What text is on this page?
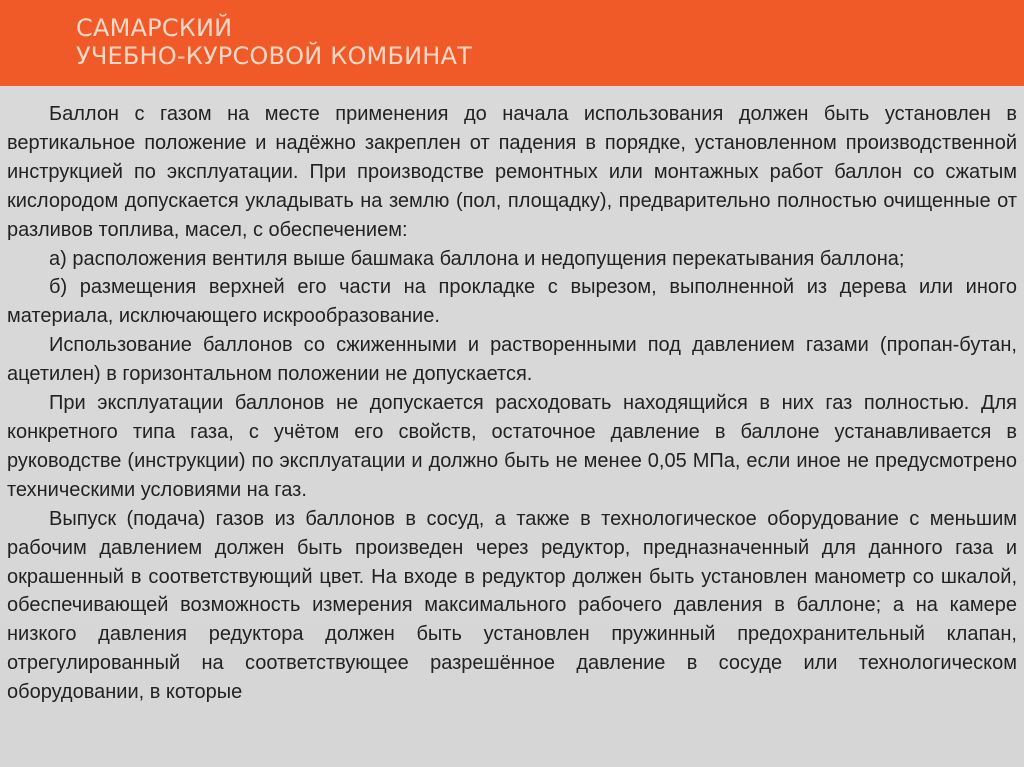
САМАРСКИЙ
УЧЕБНО-КУРСОВОЙ КОМБИНАТ

Баллон с газом на месте применения до начала использования должен быть установлен в вертикальное положение и надёжно закреплен от падения в порядке, установленном производственной инструкцией по эксплуатации. При производстве ремонтных или монтажных работ баллон со сжатым кислородом допускается укладывать на землю (пол, площадку), предварительно полностью очищенные от разливов топлива, масел, с обеспечением:

а) расположения вентиля выше башмака баллона и недопущения перекатывания баллона;

б) размещения верхней его части на прокладке с вырезом, выполненной из дерева или иного материала, исключающего искрообразование.

Использование баллонов со сжиженными и растворенными под давлением газами (пропан-бутан, ацетилен) в горизонтальном положении не допускается.

При эксплуатации баллонов не допускается расходовать находящийся в них газ полностью. Для конкретного типа газа, с учётом его свойств, остаточное давление в баллоне устанавливается в руководстве (инструкции) по эксплуатации и должно быть не менее 0,05 МПа, если иное не предусмотрено техническими условиями на газ.

Выпуск (подача) газов из баллонов в сосуд, а также в технологическое оборудование с меньшим рабочим давлением должен быть произведен через редуктор, предназначенный для данного газа и окрашенный в соответствующий цвет. На входе в редуктор должен быть установлен манометр со шкалой, обеспечивающей возможность измерения максимального рабочего давления в баллоне; а на камере низкого давления редуктора должен быть установлен пружинный предохранительный клапан, отрегулированный на соответствующее разрешённое давление в сосуде или технологическом оборудовании, в которые
